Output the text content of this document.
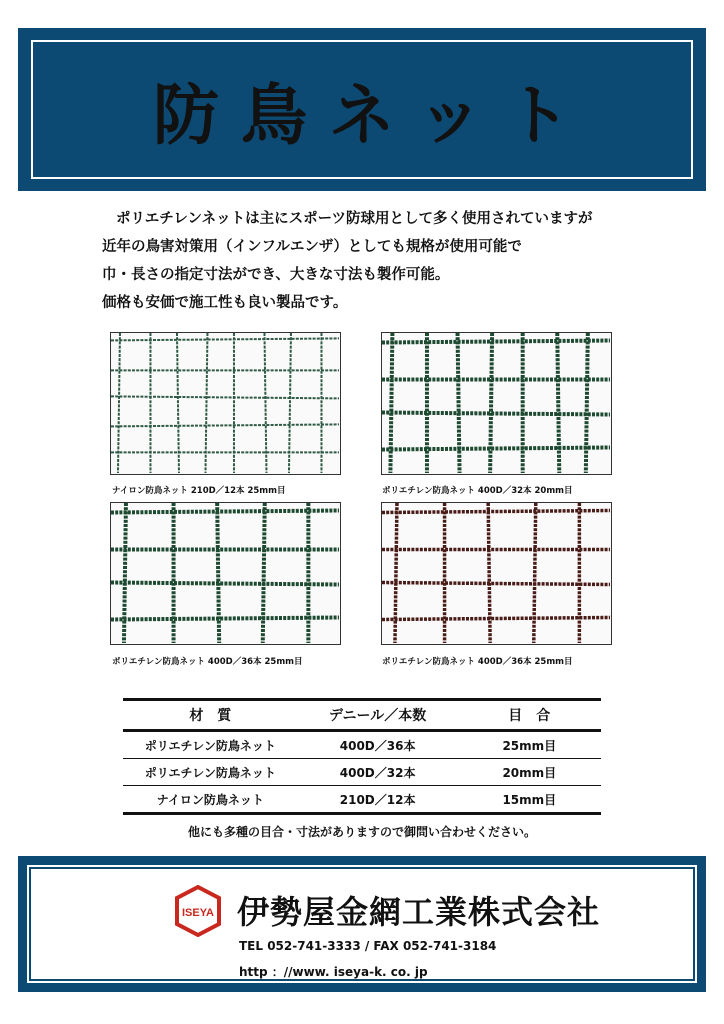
防鳥ネット

ポリエチレンネットは主にスポーツ防球用として多く使用されていますが

近年の鳥害対策用（インフルエンザ）としても規格が使用可能で

巾・長さの指定寸法ができ、大きな寸法も製作可能。

価格も安価で施工性も良い製品です。

ナイロン防鳥ネット 210D／12本 25mm目	ポリエチレン防鳥ネット 400D／32本 20mm目
ポリエチレン防鳥ネット 400D／36本 25mm目	ポリエチレン防鳥ネット 400D／36本 25mm目
材　質	デニール／本数	目　合
ポリエチレン防鳥ネット	400D／36本	25mm目
ポリエチレン防鳥ネット	400D／32本	20mm目
ナイロン防鳥ネット	210D／12本	15mm目
他にも多種の目合・寸法がありますので御問い合わせください。
ISEYA 伊勢屋金網工業株式会社
TEL 052-741-3333 / FAX 052-741-3184
http ：//www. iseya-k. co. jp
